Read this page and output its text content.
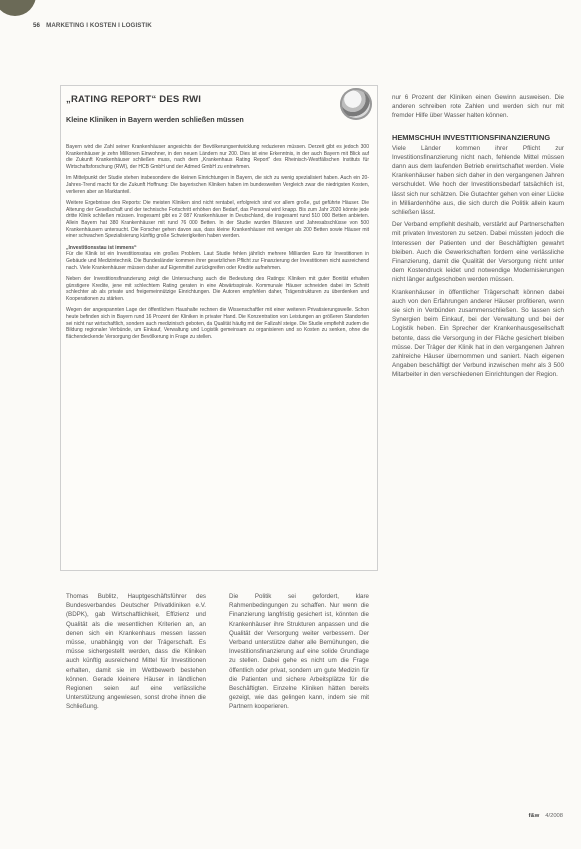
56 MARKETING I KOSTEN I LOGISTIK
„RATING REPORT“ DES RWI
Kleine Kliniken in Bayern werden schließen müssen

Bayern wird die Zahl seiner Krankenhäuser angesichts der Bevölkerungsentwicklung reduzieren müssen. Derzeit gibt es jedoch 300 Krankenhäuser je zehn Millionen Einwohner, in den neuen Ländern nur 200. Dies ist eine Erkenntnis, in der auch Bayern mit Blick auf die Zukunft Krankenhäuser schließen muss, nach dem „Krankenhaus Rating Report“ des Rheinisch-Westfälischen Instituts für Wirtschaftsforschung (RWI), der HCB GmbH und der Admed GmbH zu entnehmen.

Im Mittelpunkt der Studie stehen insbesondere die kleinen Einrichtungen in Bayern, die sich zu wenig spezialisiert haben. Auch ein 20-Jahres-Trend macht für die Zukunft Hoffnung: Die bayerischen Kliniken haben im bundesweiten Vergleich zwar die niedrigsten Kosten, verlieren aber an Marktanteil.

Weitere Ergebnisse des Reports: Die meisten Kliniken sind nicht rentabel, erfolgreich sind vor allem große, gut geführte Häuser. Die Alterung der Gesellschaft und der technische Fortschritt erhöhen den Bedarf, das Personal wird knapp. Bis zum Jahr 2020 könnte jede dritte Klinik schließen müssen. Insgesamt gibt es 2 087 Krankenhäuser in Deutschland, die insgesamt rund 510 000 Betten anbieten. Allein Bayern hat 380 Krankenhäuser mit rund 76 000 Betten. In der Studie wurden Bilanzen und Jahresabschlüsse von 500 Krankenhäusern untersucht. Die Forscher gehen davon aus, dass kleine Krankenhäuser mit weniger als 200 Betten sowie Häuser mit einer schwachen Spezialisierung künftig große Schwierigkeiten haben werden.

„Investitionsstau ist immens“

Für die Klinik ist ein Investitionsstau ein großes Problem. Laut Studie fehlen jährlich mehrere Milliarden Euro für Investitionen in Gebäude und Medizintechnik. Die Bundesländer kommen ihrer gesetzlichen Pflicht zur Finanzierung der Investitionen nicht ausreichend nach. Viele Krankenhäuser müssen daher auf Eigenmittel zurückgreifen oder Kredite aufnehmen.

Neben der Investitionsfinanzierung zeigt die Untersuchung auch die Bedeutung des Ratings: Kliniken mit guter Bonität erhalten günstigere Kredite, jene mit schlechtem Rating geraten in eine Abwärtsspirale. Kommunale Häuser schneiden dabei im Schnitt schlechter ab als private und freigemeinnützige Einrichtungen. Die Autoren empfehlen daher, Trägerstrukturen zu überdenken und Kooperationen zu stärken.

Wegen der angespannten Lage der öffentlichen Haushalte rechnen die Wissenschaftler mit einer weiteren Privatisierungswelle. Schon heute befinden sich in Bayern rund 16 Prozent der Kliniken in privater Hand. Die Konzentration von Leistungen an größeren Standorten sei nicht nur wirtschaftlich, sondern auch medizinisch geboten, da Qualität häufig mit der Fallzahl steige. Die Studie empfiehlt zudem die Bildung regionaler Verbünde, um Einkauf, Verwaltung und Logistik gemeinsam zu organisieren und so Kosten zu senken, ohne die flächendeckende Versorgung der Bevölkerung in Frage zu stellen.

nur 6 Prozent der Kliniken einen Gewinn ausweisen. Die anderen schreiben rote Zahlen und werden sich nur mit fremder Hilfe über Wasser halten können.

HEMMSCHUH INVESTITIONSFINANZIERUNG

Viele Länder kommen ihrer Pflicht zur Investitionsfinanzierung nicht nach, fehlende Mittel müssen dann aus dem laufenden Betrieb erwirtschaftet werden. Viele Krankenhäuser haben sich daher in den vergangenen Jahren verschuldet. Wie hoch der Investitionsbedarf tatsächlich ist, lässt sich nur schätzen. Die Gutachter gehen von einer Lücke in Milliardenhöhe aus, die sich durch die Politik allein kaum schließen lässt.

Der Verband empfiehlt deshalb, verstärkt auf Partnerschaften mit privaten Investoren zu setzen. Dabei müssten jedoch die Interessen der Patienten und der Beschäftigten gewahrt bleiben. Auch die Gewerkschaften fordern eine verlässliche Finanzierung, damit die Qualität der Versorgung nicht unter dem Kostendruck leidet und notwendige Modernisierungen nicht länger aufgeschoben werden müssen.

Krankenhäuser in öffentlicher Trägerschaft können dabei auch von den Erfahrungen anderer Häuser profitieren, wenn sie sich in Verbünden zusammenschließen. So lassen sich Synergien beim Einkauf, bei der Verwaltung und bei der Logistik heben. Ein Sprecher der Krankenhausgesellschaft betonte, dass die Versorgung in der Fläche gesichert bleiben müsse. Der Träger der Klinik hat in den vergangenen Jahren zahlreiche Häuser übernommen und saniert. Nach eigenen Angaben beschäftigt der Verbund inzwischen mehr als 3 500 Mitarbeiter in den verschiedenen Einrichtungen der Region.

Thomas Bublitz, Hauptgeschäftsführer des Bundesverbandes Deutscher Privatkliniken e.V. (BDPK), gab Wirtschaftlichkeit, Effizienz und Qualität als die wesentlichen Kriterien an, an denen sich ein Krankenhaus messen lassen müsse, unabhängig von der Trägerschaft. Es müsse sichergestellt werden, dass die Kliniken auch künftig ausreichend Mittel für Investitionen erhalten, damit sie im Wettbewerb bestehen können. Gerade kleinere Häuser in ländlichen Regionen seien auf eine verlässliche Unterstützung angewiesen, sonst drohe ihnen die Schließung.
Die Politik sei gefordert, klare Rahmenbedingungen zu schaffen. Nur wenn die Finanzierung langfristig gesichert ist, könnten die Krankenhäuser ihre Strukturen anpassen und die Qualität der Versorgung weiter verbessern. Der Verband unterstütze daher alle Bemühungen, die Investitionsfinanzierung auf eine solide Grundlage zu stellen. Dabei gehe es nicht um die Frage öffentlich oder privat, sondern um gute Medizin für die Patienten und sichere Arbeitsplätze für die Beschäftigten. Einzelne Kliniken hätten bereits gezeigt, wie das gelingen kann, indem sie mit Partnern kooperieren.
f&w 4/2008
